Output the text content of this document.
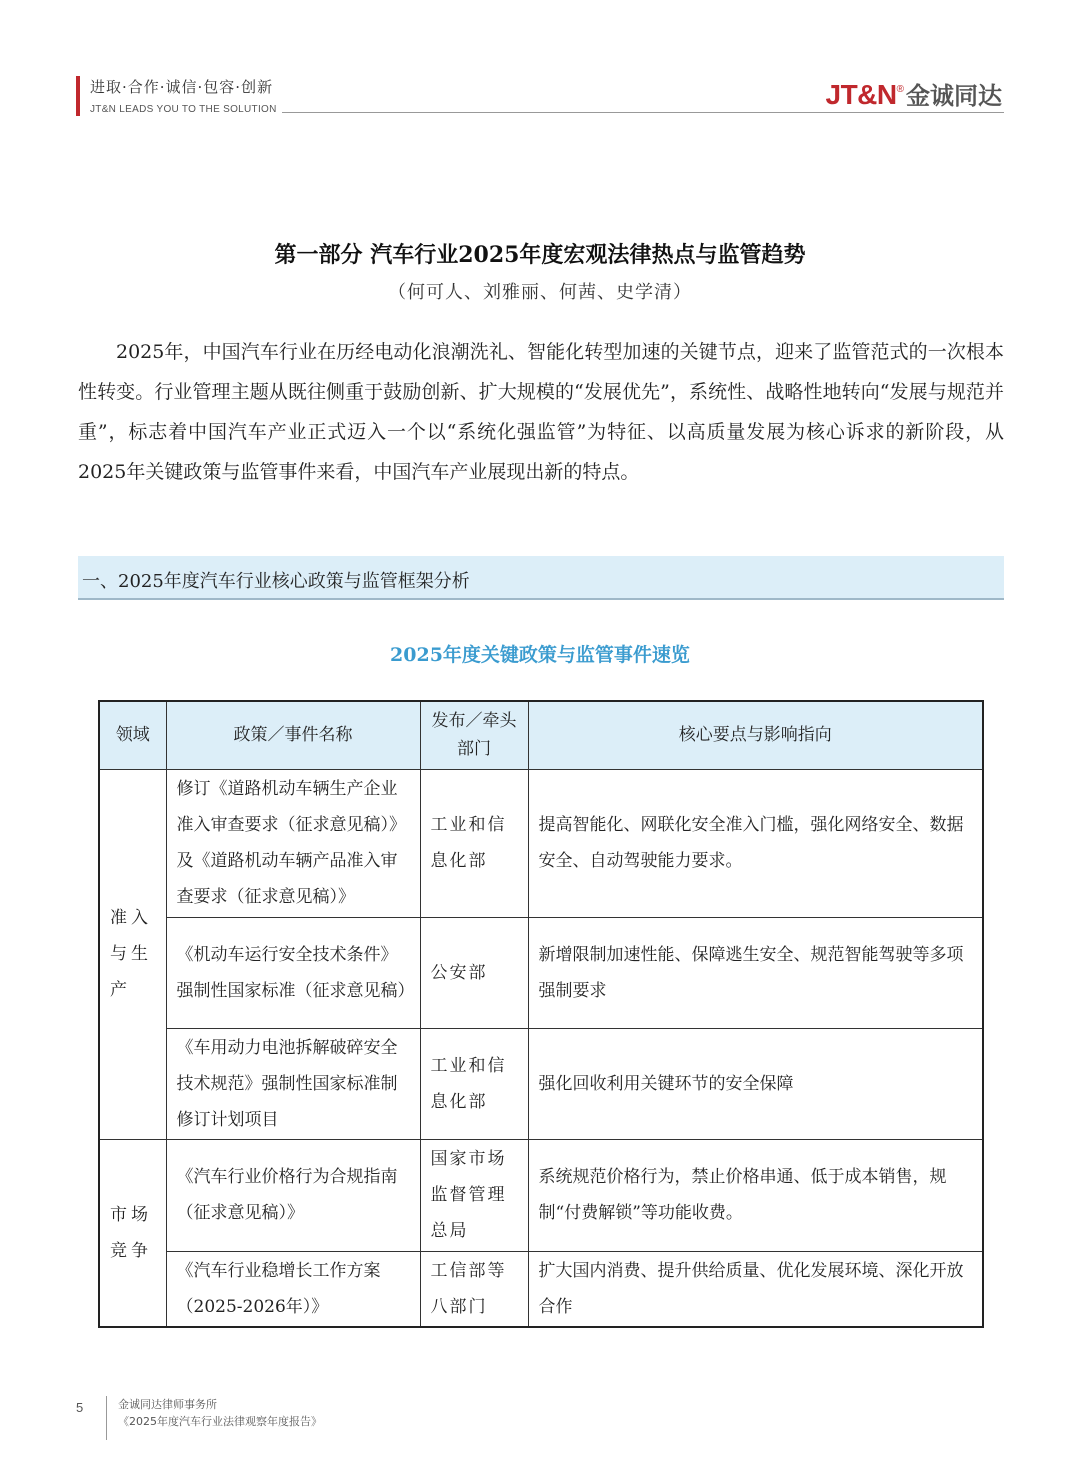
进取·合作·诚信·包容·创新
JT&N LEADS YOU TO THE SOLUTION	JT&N ® 金诚同达
第一部分 汽车行业2025年度宏观法律热点与监管趋势
（何可人、刘雅丽、何茜、史学清）

2025年，中国汽车行业在历经电动化浪潮洗礼、智能化转型加速的关键节点，迎来了监管范式的一次根本性转变。行业管理主题从既往侧重于鼓励创新、扩大规模的“发展优先”，系统性、战略性地转向“发展与规范并重”，标志着中国汽车产业正式迈入一个以“系统化强监管”为特征、以高质量发展为核心诉求的新阶段，从2025年关键政策与监管事件来看，中国汽车产业展现出新的特点。

一、2025年度汽车行业核心政策与监管框架分析
2025年度关键政策与监管事件速览
领域	政策／事件名称	发布／牵头部门	核心要点与影响指向
准入与生产	修订《道路机动车辆生产企业准入审查要求（征求意见稿）》及《道路机动车辆产品准入审查要求（征求意见稿）》	工业和信息化部	提高智能化、网联化安全准入门槛，强化网络安全、数据安全、自动驾驶能力要求。
	《机动车运行安全技术条件》强制性国家标准（征求意见稿）	公安部	新增限制加速性能、保障逃生安全、规范智能驾驶等多项强制要求
	《车用动力电池拆解破碎安全技术规范》强制性国家标准制修订计划项目	工业和信息化部	强化回收利用关键环节的安全保障
市场竞争	《汽车行业价格行为合规指南（征求意见稿）》	国家市场监督管理总局	系统规范价格行为，禁止价格串通、低于成本销售，规制“付费解锁”等功能收费。
	《汽车行业稳增长工作方案（2025-2026年）》	工信部等八部门	扩大国内消费、提升供给质量、优化发展环境、深化开放合作
5	金诚同达律师事务所
《2025年度汽车行业法律观察年度报告》
